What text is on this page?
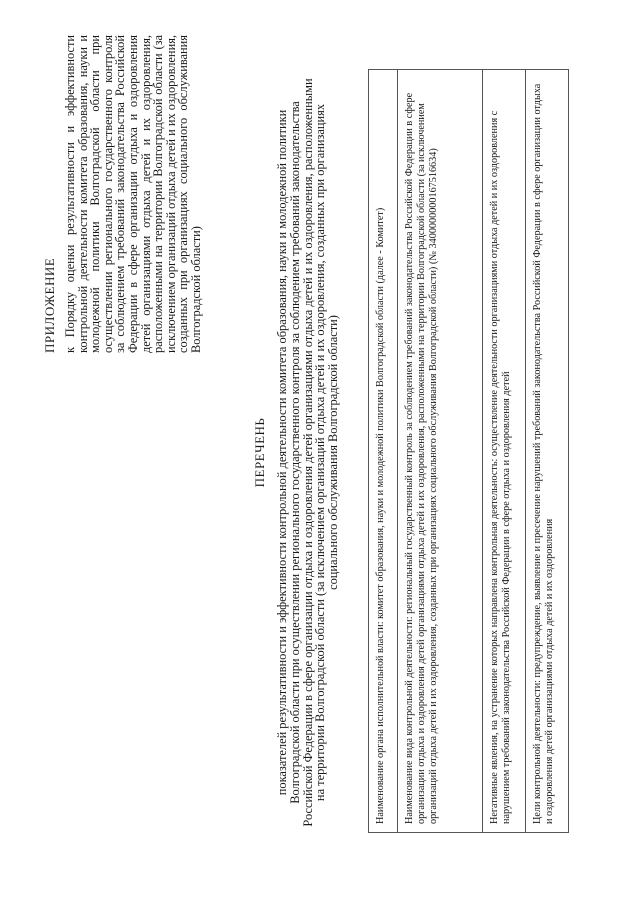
ПРИЛОЖЕНИЕ к Порядку оценки результативности и эффективности контрольной деятельности комитета образования, науки и молодежной политики Волгоградской области при осуществлении регионального государственного контроля за соблюдением требований законодательства Российской Федерации в сфере организации отдыха и оздоровления детей организациями отдыха детей и их оздоровления, расположенными на территории Волгоградской области (за исключением организаций отдыха детей и их оздоровления, созданных при организациях социального обслуживания Волгоградской области)

ПЕРЕЧЕНЬ показателей результативности и эффективности контрольной деятельности комитета образования, науки и молодежной политики Волгоградской области при осуществлении регионального государственного контроля за соблюдением требований законодательства Российской Федерации в сфере организации отдыха и оздоровления детей организациями отдыха детей и их оздоровления, расположенными на территории Волгоградской области (за исключением организаций отдыха детей и их оздоровления, созданных при организациях социального обслуживания Волгоградской области)	Наименование органа исполнительной власти: комитет образования, науки и молодежной политики Волгоградской области (далее - Комитет)
Наименование вида контрольной деятельности: региональный государственный контроль за соблюдением требований законодательства Российской Федерации в сфере организации отдыха и оздоровления детей организациями отдыха детей и их оздоровления, расположенными на территории Волгоградской области (за исключением организаций отдыха детей и их оздоровления, созданных при организациях социального обслуживания Волгоградской области) (№ 3400000000167516634)
Негативные явления, на устранение которых направлена контрольная деятельность: осуществление деятельности организациями отдыха детей и их оздоровления с нарушением требований законодательства Российской Федерации в сфере отдыха и оздоровления детей
Цели контрольной деятельности: предупреждение, выявление и пресечение нарушений требований законодательства Российской Федерации в сфере организации отдыха и оздоровления детей организациями отдыха детей и их оздоровления
